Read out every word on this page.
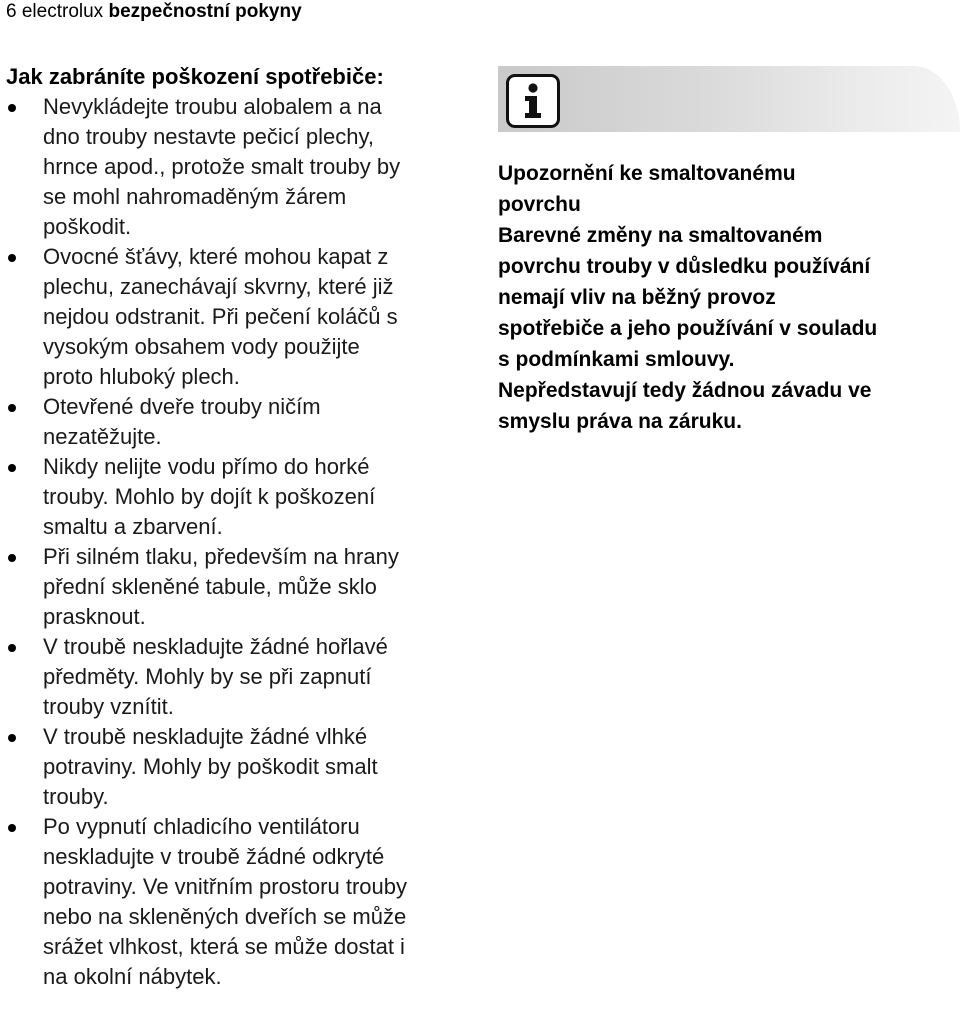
6 electrolux bezpečnostní pokyny
Jak zabráníte poškození spotřebiče:
Nevykládejte troubu alobalem a na
dno trouby nestavte pečicí plechy,
hrnce apod., protože smalt trouby by
se mohl nahromaděným žárem
poškodit.
Ovocné šťávy, které mohou kapat z
plechu, zanechávají skvrny, které již
nejdou odstranit. Při pečení koláčů s
vysokým obsahem vody použijte
proto hluboký plech.
Otevřené dveře trouby ničím
nezatěžujte.
Nikdy nelijte vodu přímo do horké
trouby. Mohlo by dojít k poškození
smaltu a zbarvení.
Při silném tlaku, především na hrany
přední skleněné tabule, může sklo
prasknout.
V troubě neskladujte žádné hořlavé
předměty. Mohly by se při zapnutí
trouby vznítit.
V troubě neskladujte žádné vlhké
potraviny. Mohly by poškodit smalt
trouby.
Po vypnutí chladicího ventilátoru
neskladujte v troubě žádné odkryté
potraviny. Ve vnitřním prostoru trouby
nebo na skleněných dveřích se může
srážet vlhkost, která se může dostat i
na okolní nábytek.
Upozornění ke smaltovanému
povrchu
Barevné změny na smaltovaném
povrchu trouby v důsledku používání
nemají vliv na běžný provoz
spotřebiče a jeho používání v souladu
s podmínkami smlouvy.
Nepředstavují tedy žádnou závadu ve
smyslu práva na záruku.
